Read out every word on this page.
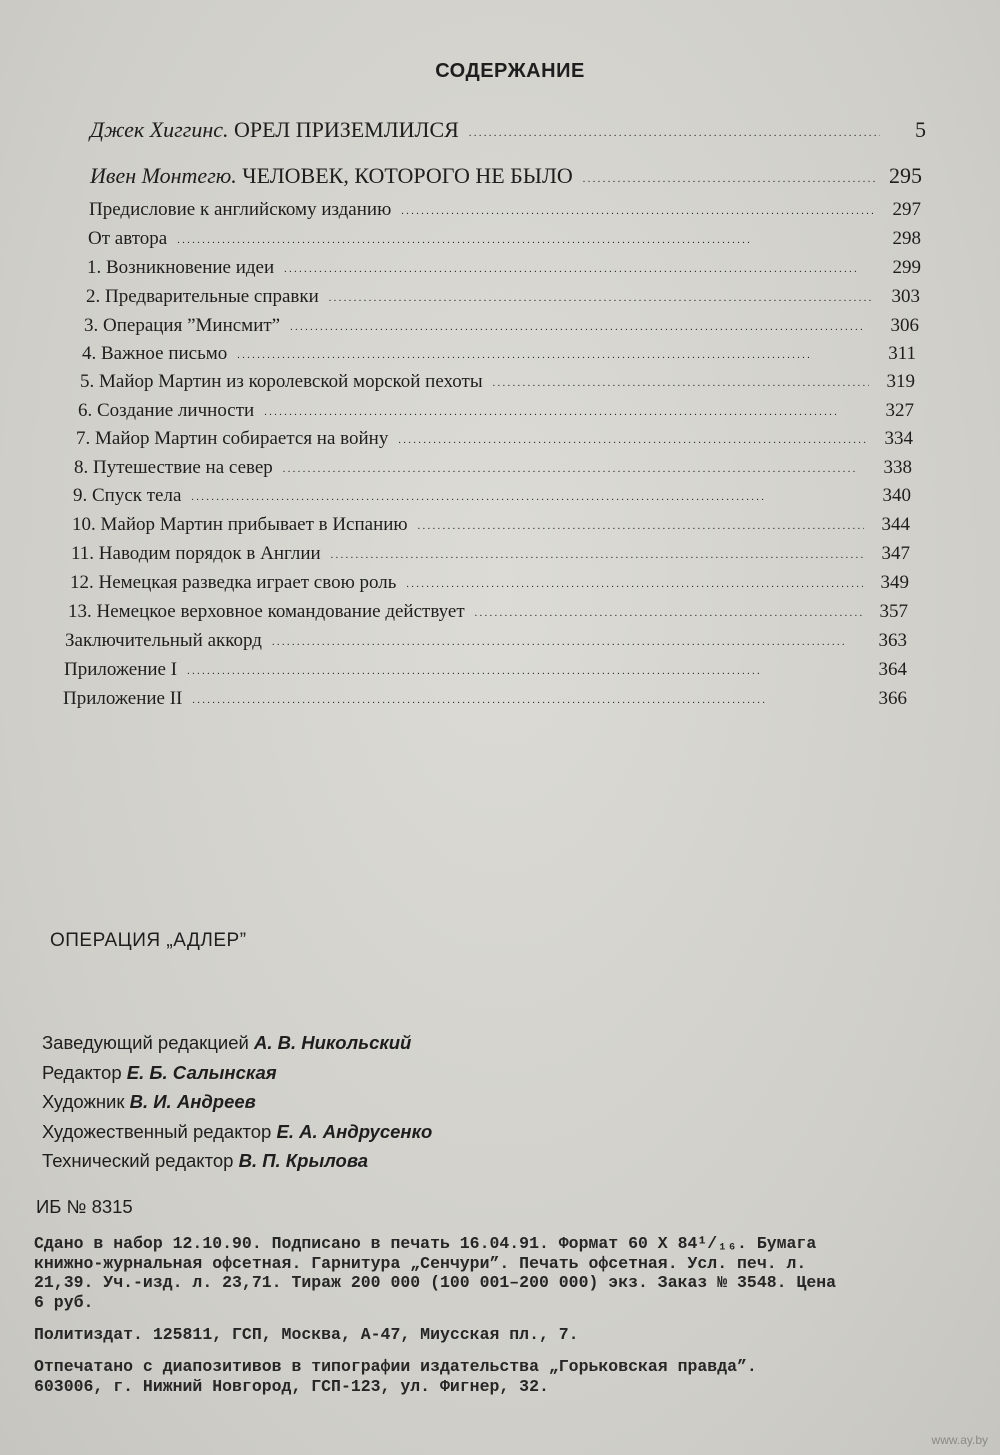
СОДЕРЖАНИЕ
Джек Хиггинс. ОРЕЛ ПРИЗЕМЛИЛСЯ . . .	5
Ивен Монтегю. ЧЕЛОВЕК, КОТОРОГО НЕ БЫЛО . . .	295
Предисловие к английскому изданию . . .	297
От автора . . .	298
1. Возникновение идеи . . .	299
2. Предварительные справки . . .	303
3. Операция ”Минсмит” . . .	306
4. Важное письмо . . .	311
5. Майор Мартин из королевской морской пехоты . . .	319
6. Создание личности . . .	327
7. Майор Мартин собирается на войну . . .	334
8. Путешествие на север . . .	338
9. Спуск тела . . .	340
10. Майор Мартин прибывает в Испанию . . .	344
11. Наводим порядок в Англии . . .	347
12. Немецкая разведка играет свою роль . . .	349
13. Немецкое верховное командование действует . . .	357
Заключительный аккорд . . .	363
Приложение I . . .	364
Приложение II . . .	366
ОПЕРАЦИЯ „АДЛЕР”
Заведующий редакцией А. В. Никольский
Редактор Е. Б. Салынская
Художник В. И. Андреев
Художественный редактор Е. А. Андрусенко
Технический редактор В. П. Крылова
ИБ № 8315
Сдано в набор 12.10.90. Подписано в печать 16.04.91. Формат 60 Х 84¹/₁₆. Бумага
книжно-журнальная офсетная. Гарнитура „Сенчури”. Печать офсетная. Усл. печ. л.
21,39. Уч.-изд. л. 23,71. Тираж 200 000 (100 001–200 000) экз. Заказ № 3548. Цена
6 руб.
Политиздат. 125811, ГСП, Москва, А-47, Миусская пл., 7.
Отпечатано с диапозитивов в типографии издательства „Горьковская правда”.
603006, г. Нижний Новгород, ГСП-123, ул. Фигнер, 32.
www.ay.by
